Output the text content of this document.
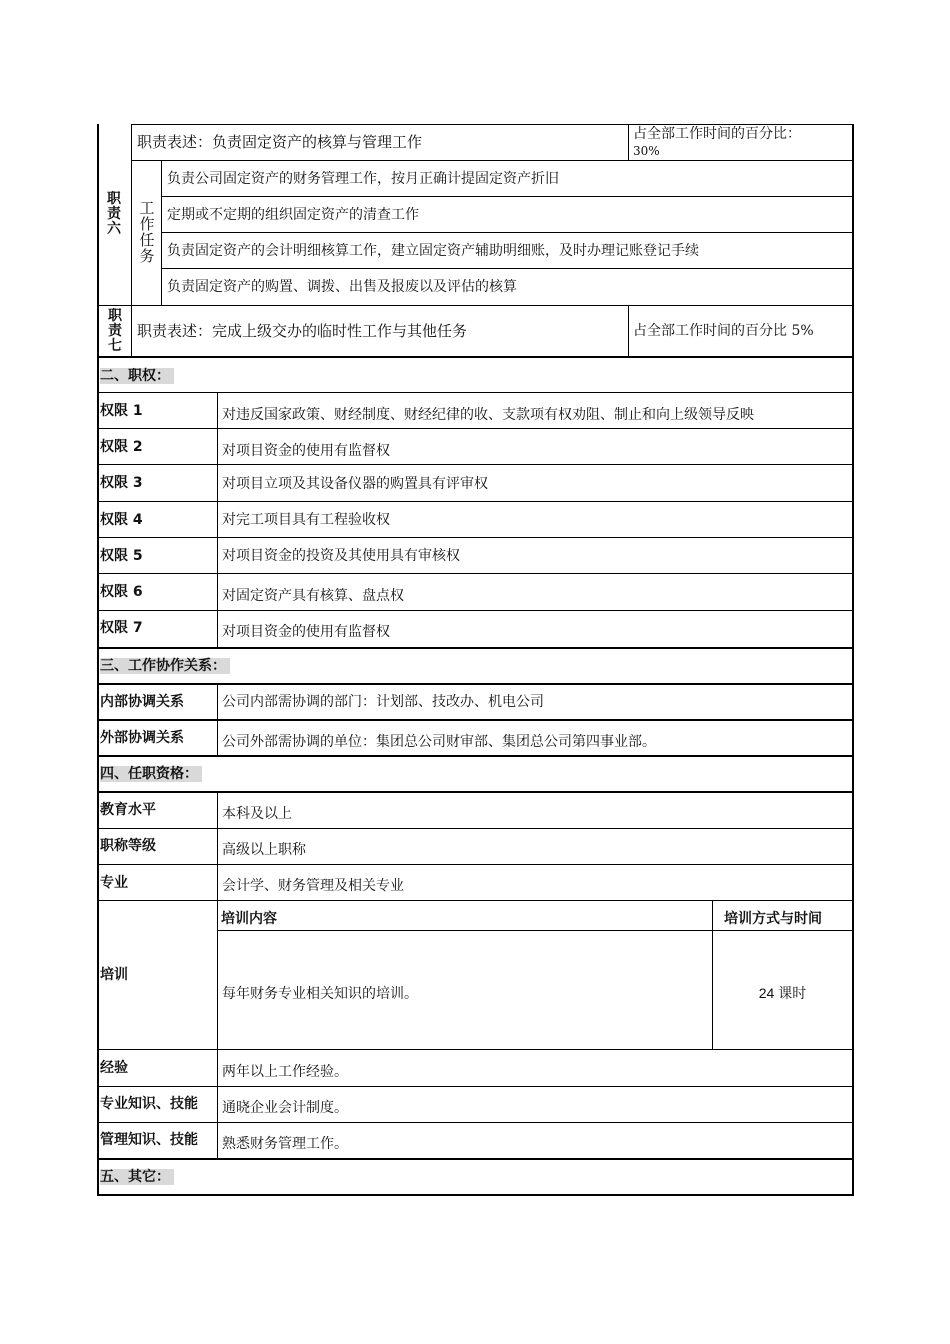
职责六
工作任务
职责表述：负责固定资产的核算与管理工作	占全部工作时间的百分比：
30%
负责公司固定资产的财务管理工作，按月正确计提固定资产折旧
定期或不定期的组织固定资产的清查工作
负责固定资产的会计明细核算工作，建立固定资产辅助明细账，及时办理记账登记手续
负责固定资产的购置、调拨、出售及报废以及评估的核算
职责七
职责表述：完成上级交办的临时性工作与其他任务	占全部工作时间的百分比 5%
二、职权：
权限 1	对违反国家政策、财经制度、财经纪律的收、支款项有权劝阻、制止和向上级领导反映
权限 2	对项目资金的使用有监督权
权限 3	对项目立项及其设备仪器的购置具有评审权
权限 4	对完工项目具有工程验收权
权限 5	对项目资金的投资及其使用具有审核权
权限 6	对固定资产具有核算、盘点权
权限 7	对项目资金的使用有监督权
三、工作协作关系：
内部协调关系	公司内部需协调的部门：计划部、技改办、机电公司
外部协调关系	公司外部需协调的单位：集团总公司财审部、集团总公司第四事业部。
四、任职资格：
教育水平	本科及以上
职称等级	高级以上职称
专业	会计学、财务管理及相关专业
培训
培训内容	培训方式与时间
每年财务专业相关知识的培训。	24 课时
经验	两年以上工作经验。
专业知识、技能 通晓企业会计制度。
管理知识、技能 熟悉财务管理工作。
五、其它：
